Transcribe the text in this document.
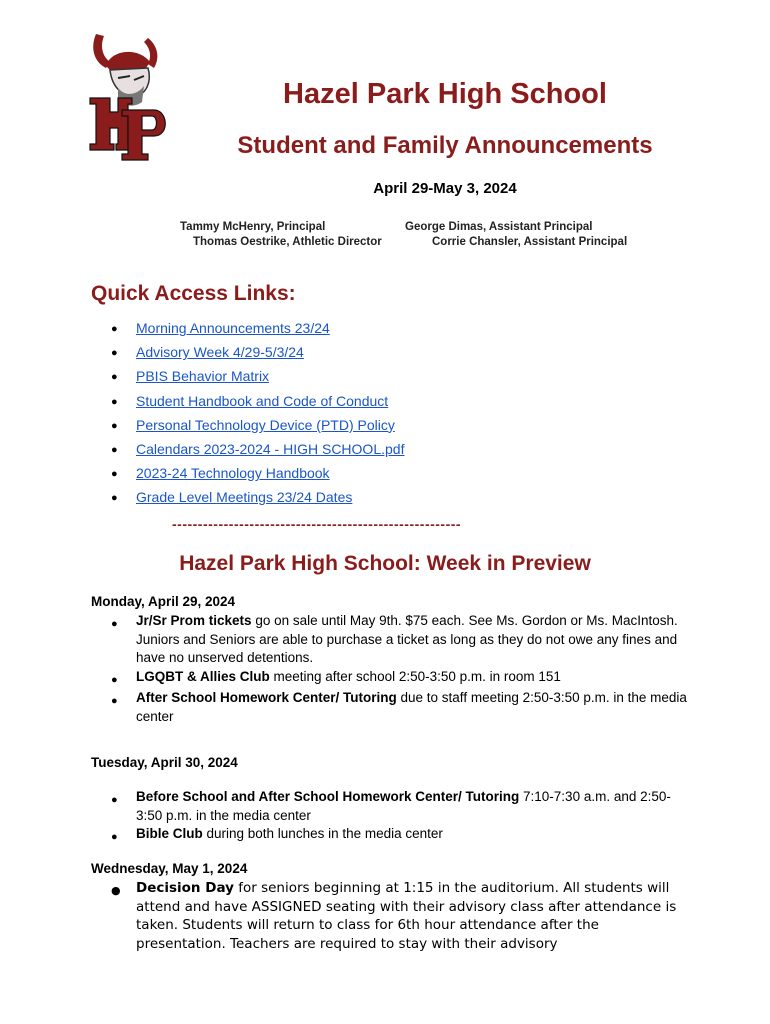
Hazel Park High School
Student and Family Announcements
April 29-May 3, 2024
Tammy McHenry, Principal	George Dimas, Assistant Principal
Thomas Oestrike, Athletic Director	Corrie Chansler, Assistant Principal
Quick Access Links:
●	Morning Announcements 23/24
●	Advisory Week 4/29-5/3/24
●	PBIS Behavior Matrix
●	Student Handbook and Code of Conduct
●	Personal Technology Device (PTD) Policy
●	Calendars 2023-2024 - HIGH SCHOOL.pdf
●	2023-24 Technology Handbook
●	Grade Level Meetings 23/24 Dates
--------------------------------------------------------
Hazel Park High School: Week in Preview
Monday, April 29, 2024
●	Jr/Sr Prom tickets go on sale until May 9th. $75 each. See Ms. Gordon or Ms. MacIntosh. Juniors and Seniors are able to purchase a ticket as long as they do not owe any fines and have no unserved detentions.
●	LGQBT & Allies Club meeting after school 2:50-3:50 p.m. in room 151
●	After School Homework Center/ Tutoring due to staff meeting 2:50-3:50 p.m. in the media center
Tuesday, April 30, 2024
●	Before School and After School Homework Center/ Tutoring 7:10-7:30 a.m. and 2:50-3:50 p.m. in the media center
●	Bible Club during both lunches in the media center
Wednesday, May 1, 2024
●	Decision Day for seniors beginning at 1:15 in the auditorium. All students will attend and have ASSIGNED seating with their advisory class after attendance is taken. Students will return to class for 6th hour attendance after the presentation. Teachers are required to stay with their advisory
